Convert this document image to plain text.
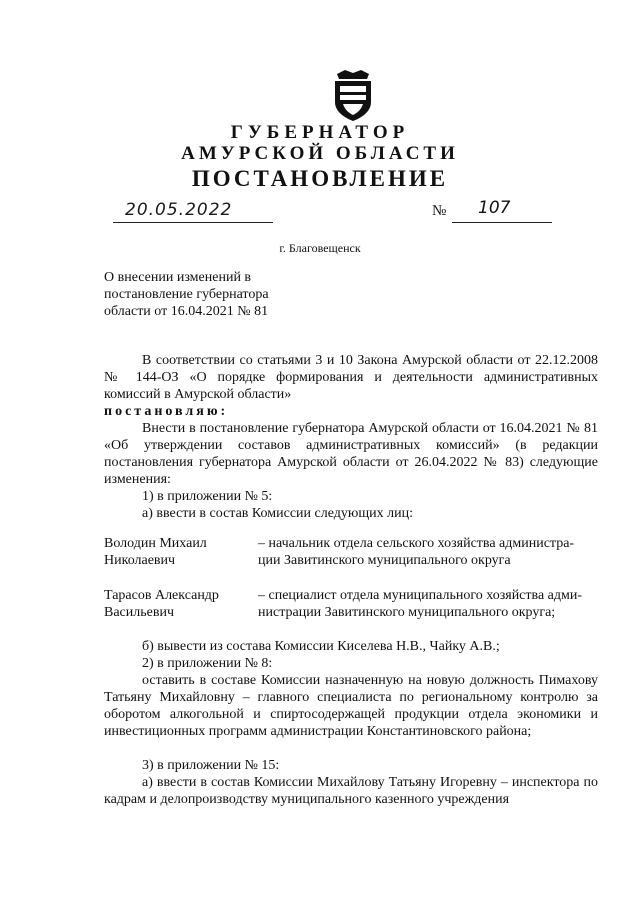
ГУБЕРНАТОР
АМУРСКОЙ ОБЛАСТИ
ПОСТАНОВЛЕНИЕ
20.05.2022	№ 107
г. Благовещенск
О внесении изменений в
постановление губернатора
области от 16.04.2021 № 81
В соответствии со статьями 3 и 10 Закона Амурской области от 22.12.2008 № 144-ОЗ «О порядке формирования и деятельности административных комиссий в Амурской области»
постановляю:
Внести в постановление губернатора Амурской области от 16.04.2021 № 81 «Об утверждении составов административных комиссий» (в редакции постановления губернатора Амурской области от 26.04.2022 № 83) следующие изменения:
1) в приложении № 5:
а) ввести в состав Комиссии следующих лиц:
Володин Михаил
Николаевич
– начальник отдела сельского хозяйства администра-
ции Завитинского муниципального округа
Тарасов Александр
Васильевич
– специалист отдела муниципального хозяйства адми-
нистрации Завитинского муниципального округа;
б) вывести из состава Комиссии Киселева Н.В., Чайку А.В.;
2) в приложении № 8:
оставить в составе Комиссии назначенную на новую должность Пимахову Татьяну Михайловну – главного специалиста по региональному контролю за оборотом алкогольной и спиртосодержащей продукции отдела экономики и инвестиционных программ администрации Константиновского района;
3) в приложении № 15:
а) ввести в состав Комиссии Михайлову Татьяну Игоревну – инспектора по кадрам и делопроизводству муниципального казенного учреждения
